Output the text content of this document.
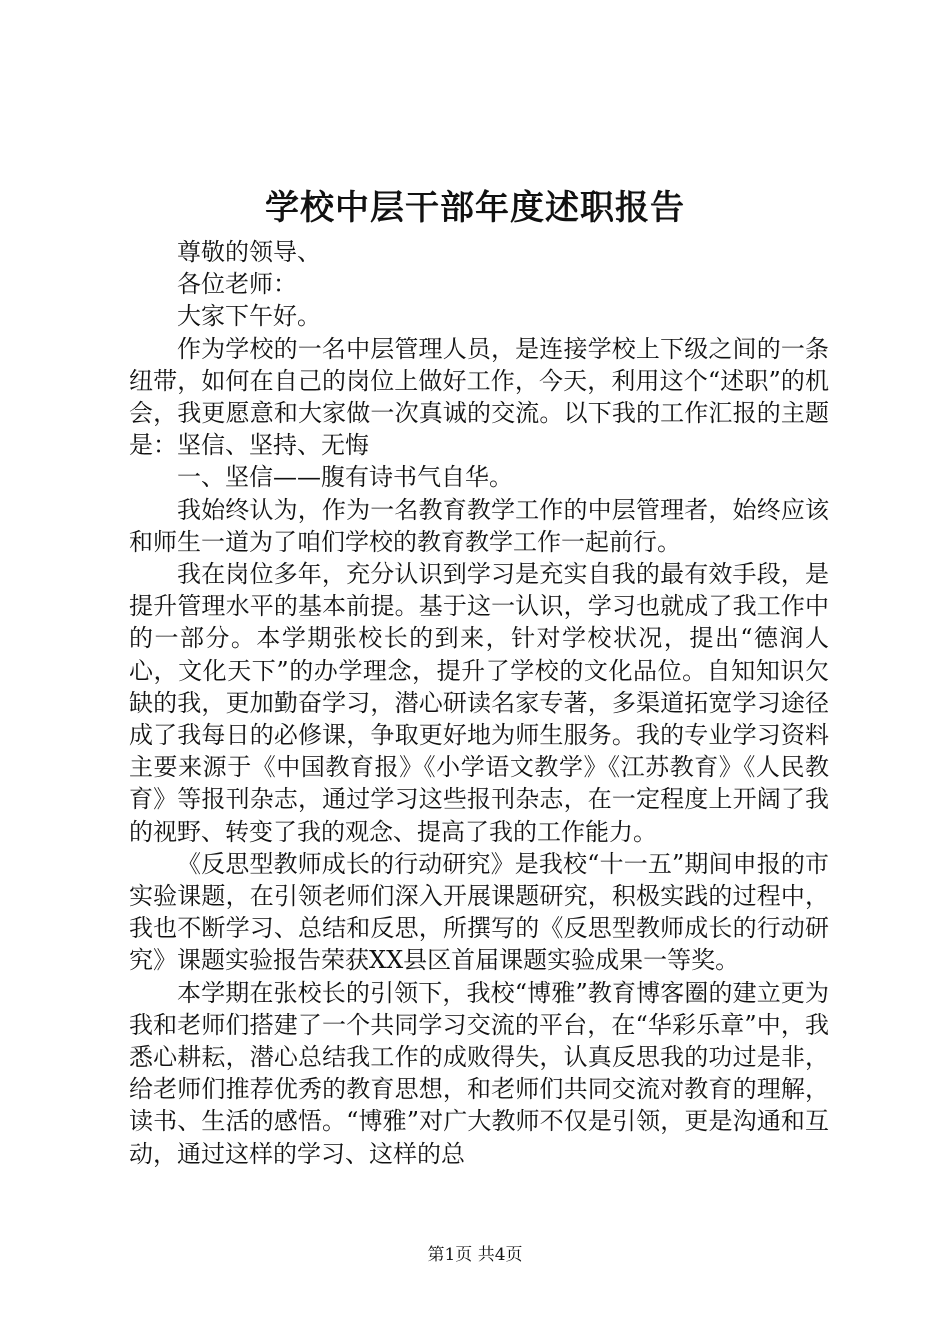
学校中层干部年度述职报告

尊敬的领导、

各位老师：

大家下午好。

作为学校的一名中层管理人员，是连接学校上下级之间的一条纽带，如何在自己的岗位上做好工作，今天，利用这个“述职”的机会，我更愿意和大家做一次真诚的交流。以下我的工作汇报的主题是：坚信、坚持、无悔

一、坚信——腹有诗书气自华。

我始终认为，作为一名教育教学工作的中层管理者，始终应该和师生一道为了咱们学校的教育教学工作一起前行。

我在岗位多年，充分认识到学习是充实自我的最有效手段，是提升管理水平的基本前提。基于这一认识，学习也就成了我工作中的一部分。本学期张校长的到来，针对学校状况，提出“德润人心，文化天下”的办学理念，提升了学校的文化品位。自知知识欠缺的我，更加勤奋学习，潜心研读名家专著，多渠道拓宽学习途径成了我每日的必修课，争取更好地为师生服务。我的专业学习资料主要来源于《中国教育报》《小学语文教学》《江苏教育》《人民教育》等报刊杂志，通过学习这些报刊杂志，在一定程度上开阔了我的视野、转变了我的观念、提高了我的工作能力。

《反思型教师成长的行动研究》是我校“十一五”期间申报的市实验课题，在引领老师们深入开展课题研究，积极实践的过程中，我也不断学习、总结和反思，所撰写的《反思型教师成长的行动研究》课题实验报告荣获XX县区首届课题实验成果一等奖。

本学期在张校长的引领下，我校“博雅”教育博客圈的建立更为我和老师们搭建了一个共同学习交流的平台，在“华彩乐章”中，我悉心耕耘，潜心总结我工作的成败得失，认真反思我的功过是非，给老师们推荐优秀的教育思想，和老师们共同交流对教育的理解，读书、生活的感悟。“博雅”对广大教师不仅是引领，更是沟通和互动，通过这样的学习、这样的总

第1页 共4页
